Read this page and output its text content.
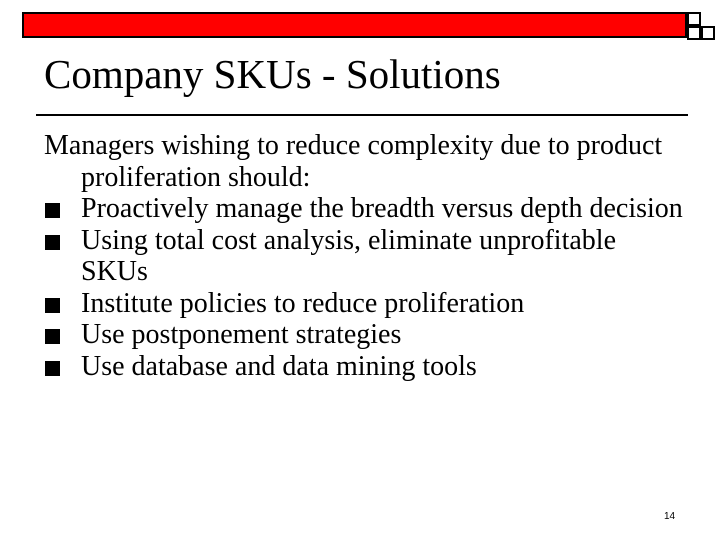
Company SKUs - Solutions

Managers wishing to reduce complexity due to product proliferation should:

Proactively manage the breadth versus depth decision
Using total cost analysis, eliminate unprofitable SKUs
Institute policies to reduce proliferation
Use postponement strategies
Use database and data mining tools
14
